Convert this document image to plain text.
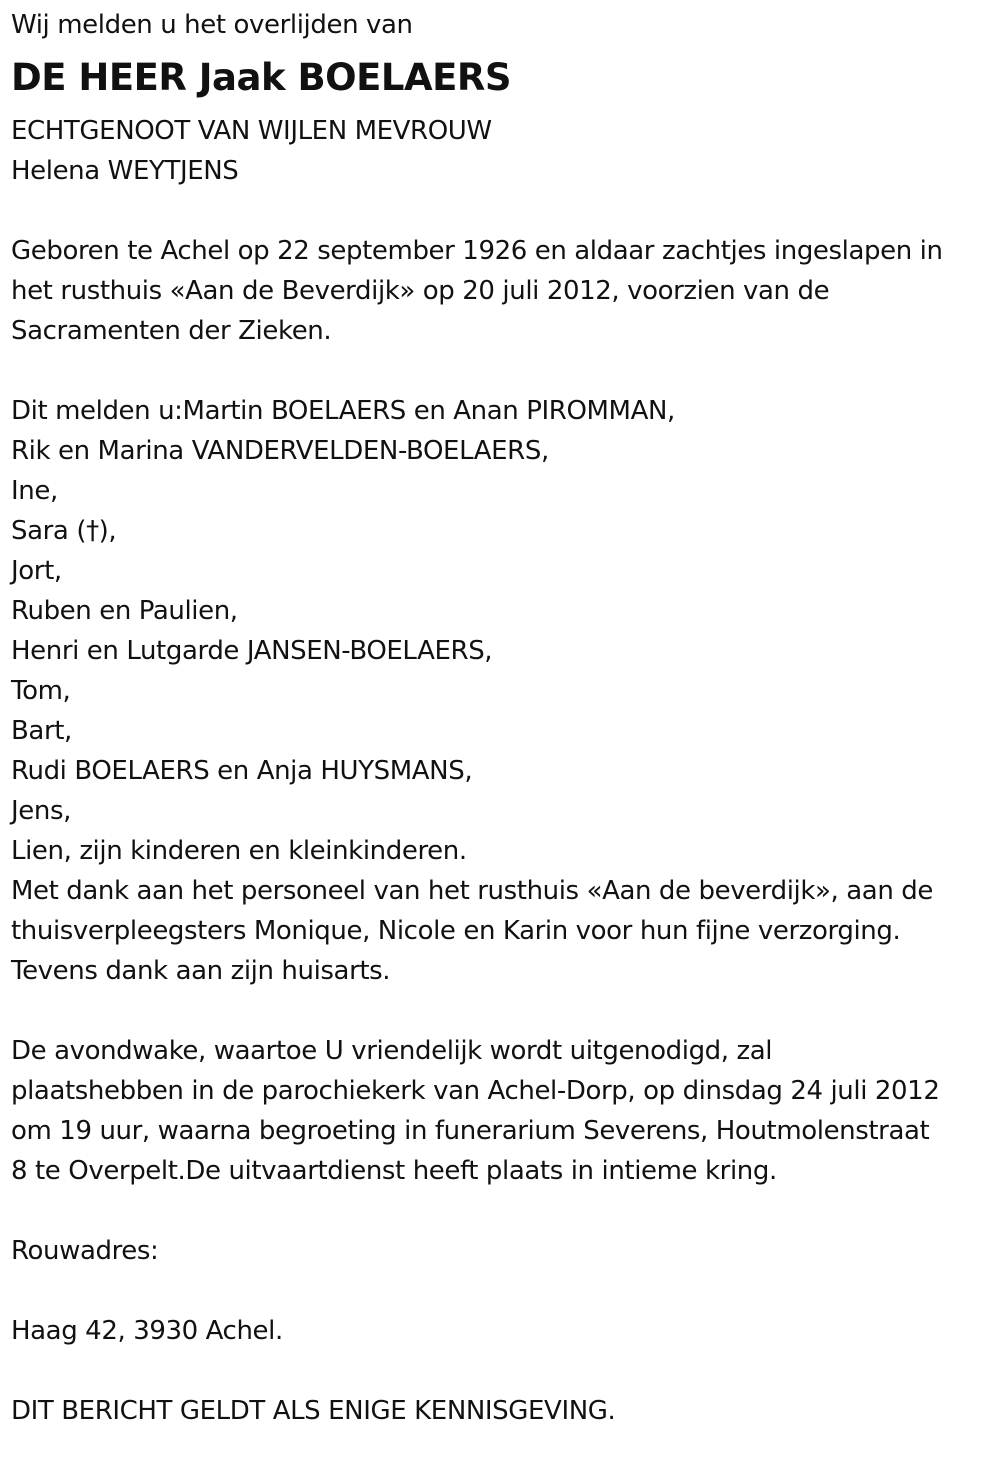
Wij melden u het overlijden van
DE HEER Jaak BOELAERS
ECHTGENOOT VAN WIJLEN MEVROUW
Helena WEYTJENS
Geboren te Achel op 22 september 1926 en aldaar zachtjes ingeslapen in
het rusthuis «Aan de Beverdijk» op 20 juli 2012, voorzien van de
Sacramenten der Zieken.
Dit melden u:Martin BOELAERS en Anan PIROMMAN,
Rik en Marina VANDERVELDEN-BOELAERS,
Ine,
Sara (†),
Jort,
Ruben en Paulien,
Henri en Lutgarde JANSEN-BOELAERS,
Tom,
Bart,
Rudi BOELAERS en Anja HUYSMANS,
Jens,
Lien, zijn kinderen en kleinkinderen.
Met dank aan het personeel van het rusthuis «Aan de beverdijk», aan de
thuisverpleegsters Monique, Nicole en Karin voor hun fijne verzorging.
Tevens dank aan zijn huisarts.
De avondwake, waartoe U vriendelijk wordt uitgenodigd, zal
plaatshebben in de parochiekerk van Achel-Dorp, op dinsdag 24 juli 2012
om 19 uur, waarna begroeting in funerarium Severens, Houtmolenstraat
8 te Overpelt.De uitvaartdienst heeft plaats in intieme kring.
Rouwadres:
Haag 42, 3930 Achel.
DIT BERICHT GELDT ALS ENIGE KENNISGEVING.
